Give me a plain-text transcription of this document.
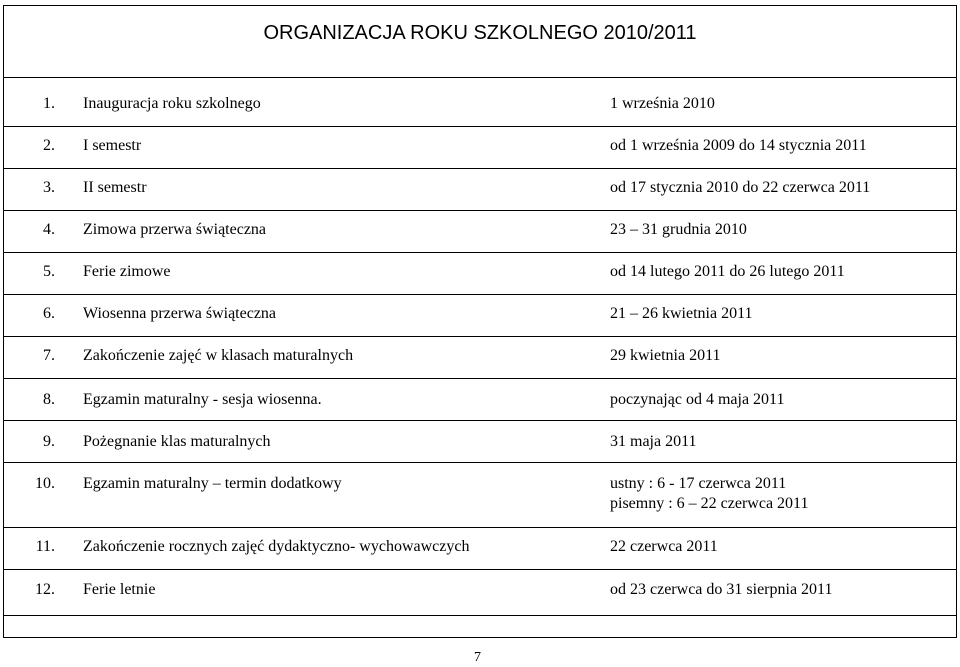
ORGANIZACJA ROKU SZKOLNEGO 2010/2011
1. Inauguracja roku szkolnego	1 września 2010
2. I semestr	od 1 września 2009 do 14 stycznia 2011
3. II semestr	od 17 stycznia 2010 do 22 czerwca 2011
4. Zimowa przerwa świąteczna	23 – 31 grudnia 2010
5. Ferie zimowe	od 14 lutego 2011 do 26 lutego 2011
6. Wiosenna przerwa świąteczna	21 – 26 kwietnia 2011
7. Zakończenie zajęć w klasach maturalnych	29 kwietnia 2011
8. Egzamin maturalny - sesja wiosenna.	poczynając od 4 maja 2011
9. Pożegnanie klas maturalnych	31 maja 2011
10. Egzamin maturalny – termin dodatkowy	ustny : 6 - 17 czerwca 2011
pisemny : 6 – 22 czerwca 2011
11. Zakończenie rocznych zajęć dydaktyczno- wychowawczych	22 czerwca 2011
12. Ferie letnie	od 23 czerwca do 31 sierpnia 2011
7
